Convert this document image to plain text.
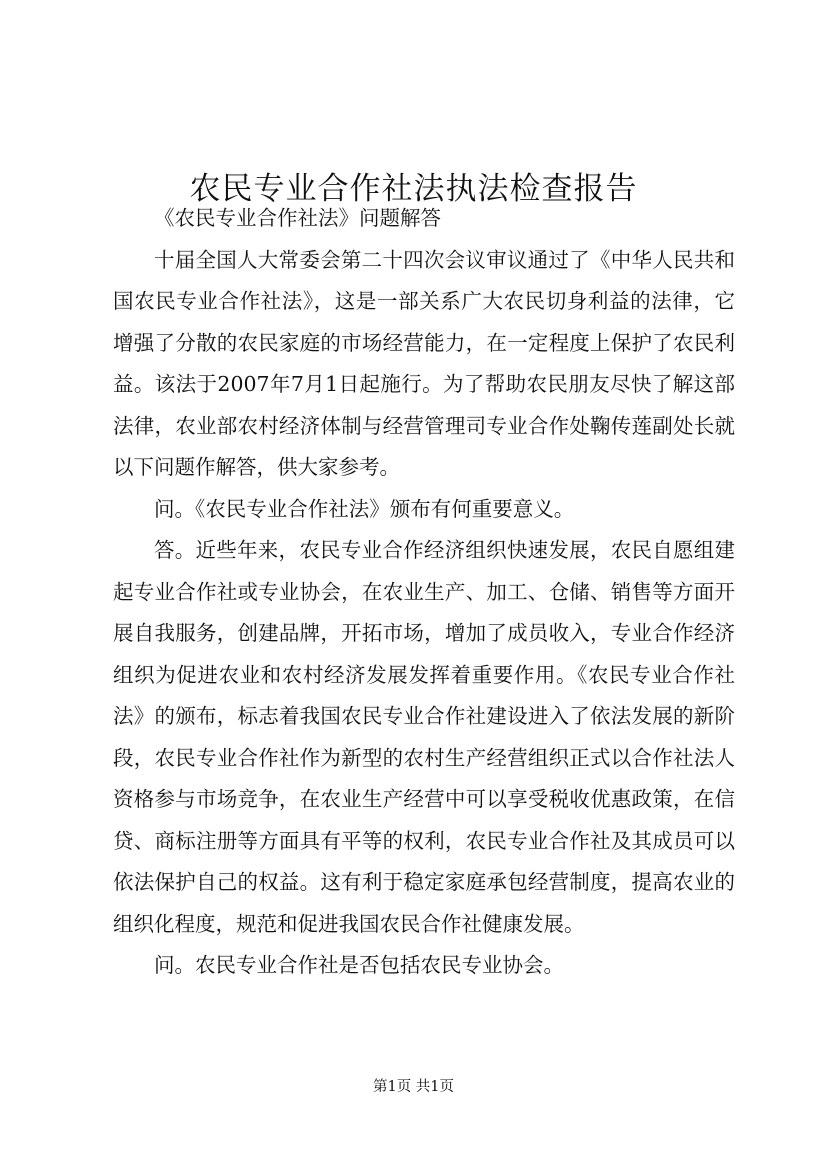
农民专业合作社法执法检查报告

《农民专业合作社法》问题解答

十届全国人大常委会第二十四次会议审议通过了《中华人民共和国农民专业合作社法》，这是一部关系广大农民切身利益的法律，它增强了分散的农民家庭的市场经营能力，在一定程度上保护了农民利益。该法于2007年7月1日起施行。为了帮助农民朋友尽快了解这部法律，农业部农村经济体制与经营管理司专业合作处鞠传莲副处长就以下问题作解答，供大家参考。

问。《农民专业合作社法》颁布有何重要意义。

答。近些年来，农民专业合作经济组织快速发展，农民自愿组建起专业合作社或专业协会，在农业生产、加工、仓储、销售等方面开展自我服务，创建品牌，开拓市场，增加了成员收入，专业合作经济组织为促进农业和农村经济发展发挥着重要作用。《农民专业合作社法》的颁布，标志着我国农民专业合作社建设进入了依法发展的新阶段，农民专业合作社作为新型的农村生产经营组织正式以合作社法人资格参与市场竞争，在农业生产经营中可以享受税收优惠政策，在信贷、商标注册等方面具有平等的权利，农民专业合作社及其成员可以依法保护自己的权益。这有利于稳定家庭承包经营制度，提高农业的组织化程度，规范和促进我国农民合作社健康发展。

问。农民专业合作社是否包括农民专业协会。

第1页 共1页
